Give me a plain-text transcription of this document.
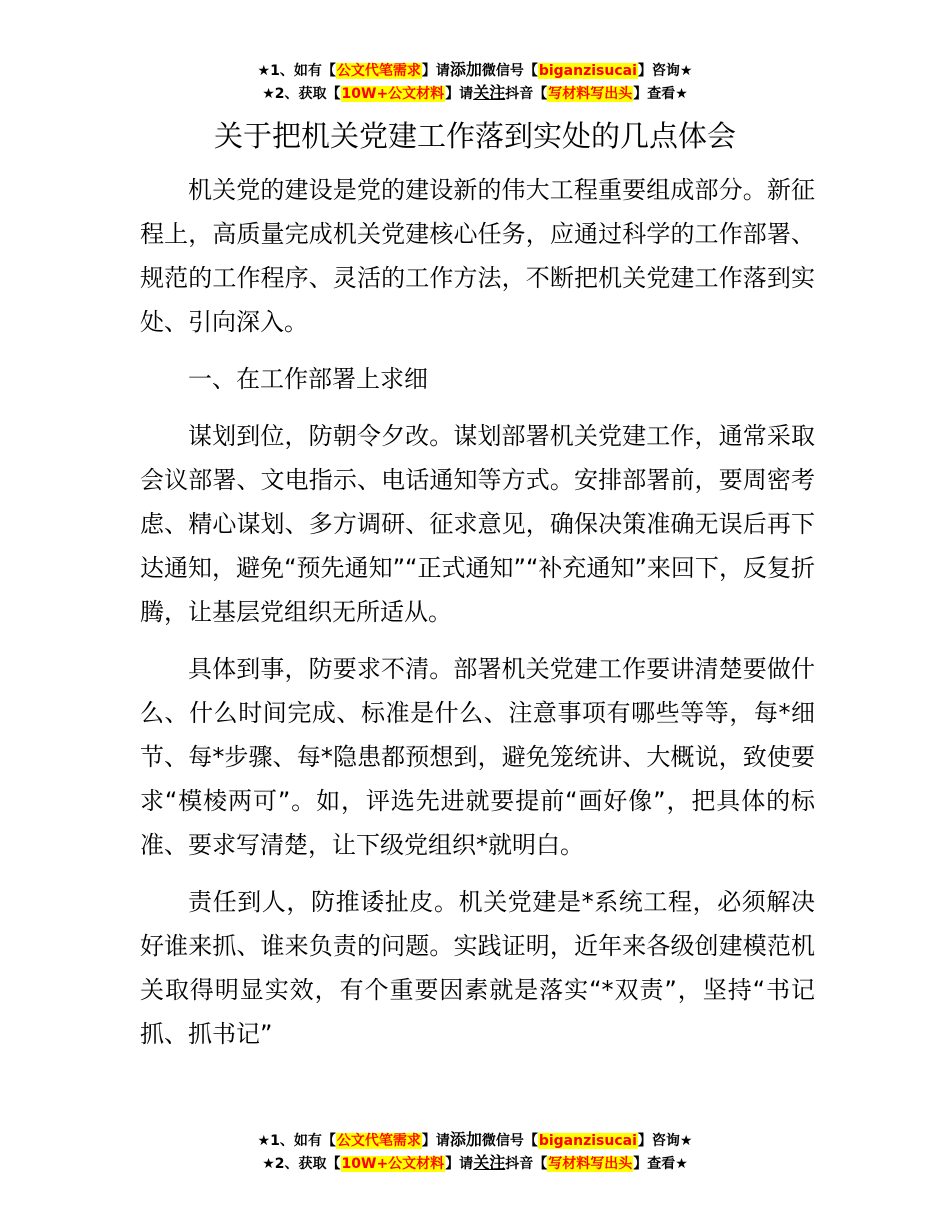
★1、如有【公文代笔需求】请添加微信号【biganzisucai】咨询★
★2、获取【10W+公文材料】请关注抖音【写材料写出头】查看★
关于把机关党建工作落到实处的几点体会

机关党的建设是党的建设新的伟大工程重要组成部分。新征程上，高质量完成机关党建核心任务，应通过科学的工作部署、规范的工作程序、灵活的工作方法，不断把机关党建工作落到实处、引向深入。

一、在工作部署上求细

谋划到位，防朝令夕改。谋划部署机关党建工作，通常采取会议部署、文电指示、电话通知等方式。安排部署前，要周密考虑、精心谋划、多方调研、征求意见，确保决策准确无误后再下达通知，避免“预先通知”“正式通知”“补充通知”来回下，反复折腾，让基层党组织无所适从。

具体到事，防要求不清。部署机关党建工作要讲清楚要做什么、什么时间完成、标准是什么、注意事项有哪些等等，每*细节、每*步骤、每*隐患都预想到，避免笼统讲、大概说，致使要求“模棱两可”。如，评选先进就要提前“画好像”，把具体的标准、要求写清楚，让下级党组织*就明白。

责任到人，防推诿扯皮。机关党建是*系统工程，必须解决好谁来抓、谁来负责的问题。实践证明，近年来各级创建模范机关取得明显实效，有个重要因素就是落实“*双责”，坚持“书记抓、抓书记”

★1、如有【公文代笔需求】请添加微信号【biganzisucai】咨询★
★2、获取【10W+公文材料】请关注抖音【写材料写出头】查看★
